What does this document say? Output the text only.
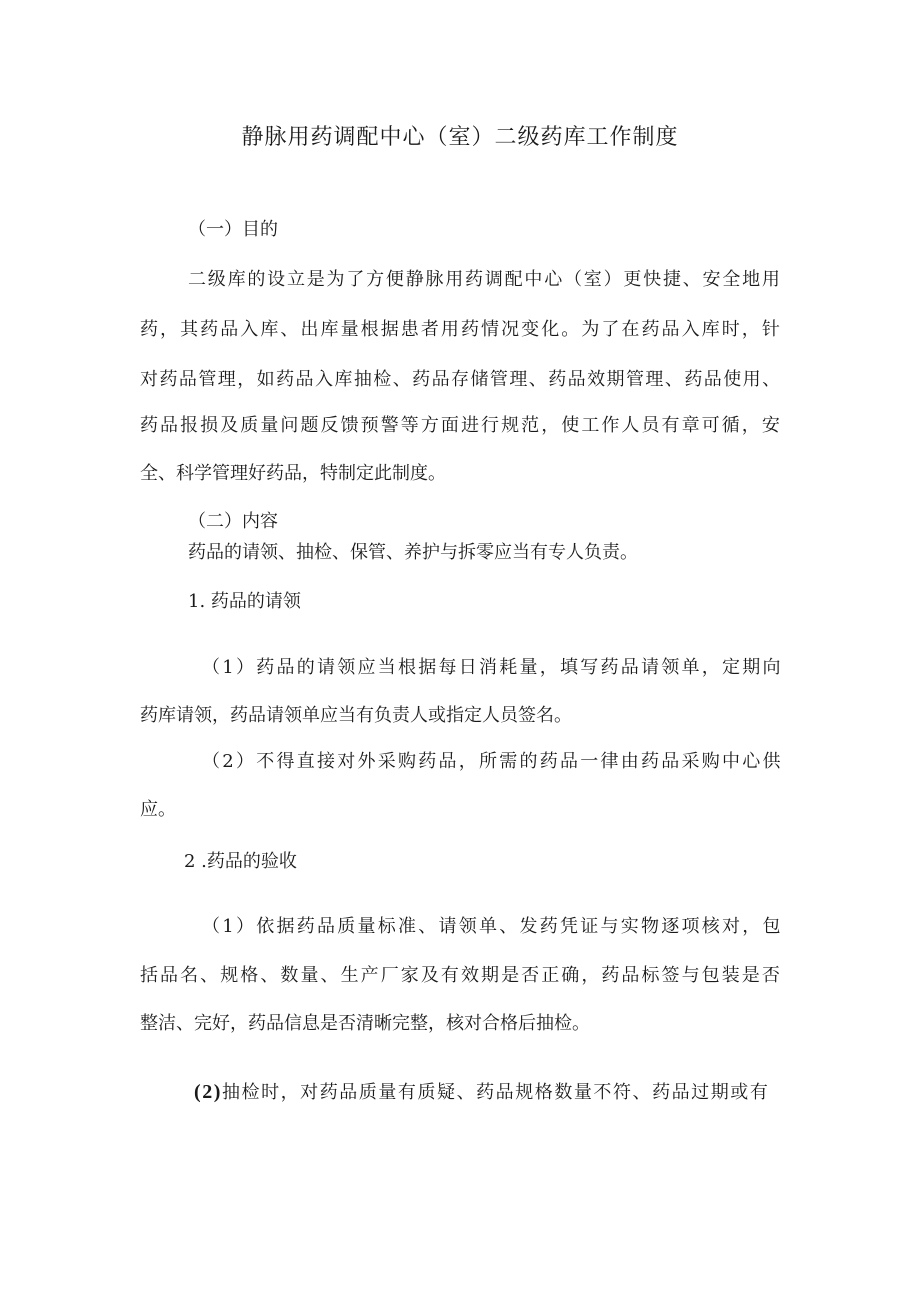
静脉用药调配中心（室）二级药库工作制度
（一）目的
二级库的设立是为了方便静脉用药调配中心（室）更快捷、安全地用
药，其药品入库、出库量根据患者用药情况变化。为了在药品入库时，针
对药品管理，如药品入库抽检、药品存储管理、药品效期管理、药品使用、
药品报损及质量问题反馈预警等方面进行规范，使工作人员有章可循，安
全、科学管理好药品，特制定此制度。
（二）内容
药品的请领、抽检、保管、养护与拆零应当有专人负责。
1. 药品的请领
（1）药品的请领应当根据每日消耗量，填写药品请领单，定期向
药库请领，药品请领单应当有负责人或指定人员签名。
（2）不得直接对外采购药品，所需的药品一律由药品采购中心供
应。
2 .药品的验收
（1）依据药品质量标准、请领单、发药凭证与实物逐项核对，包
括品名、规格、数量、生产厂家及有效期是否正确，药品标签与包装是否
整洁、完好，药品信息是否清晰完整，核对合格后抽检。
(2)抽检时，对药品质量有质疑、药品规格数量不符、药品过期或有
